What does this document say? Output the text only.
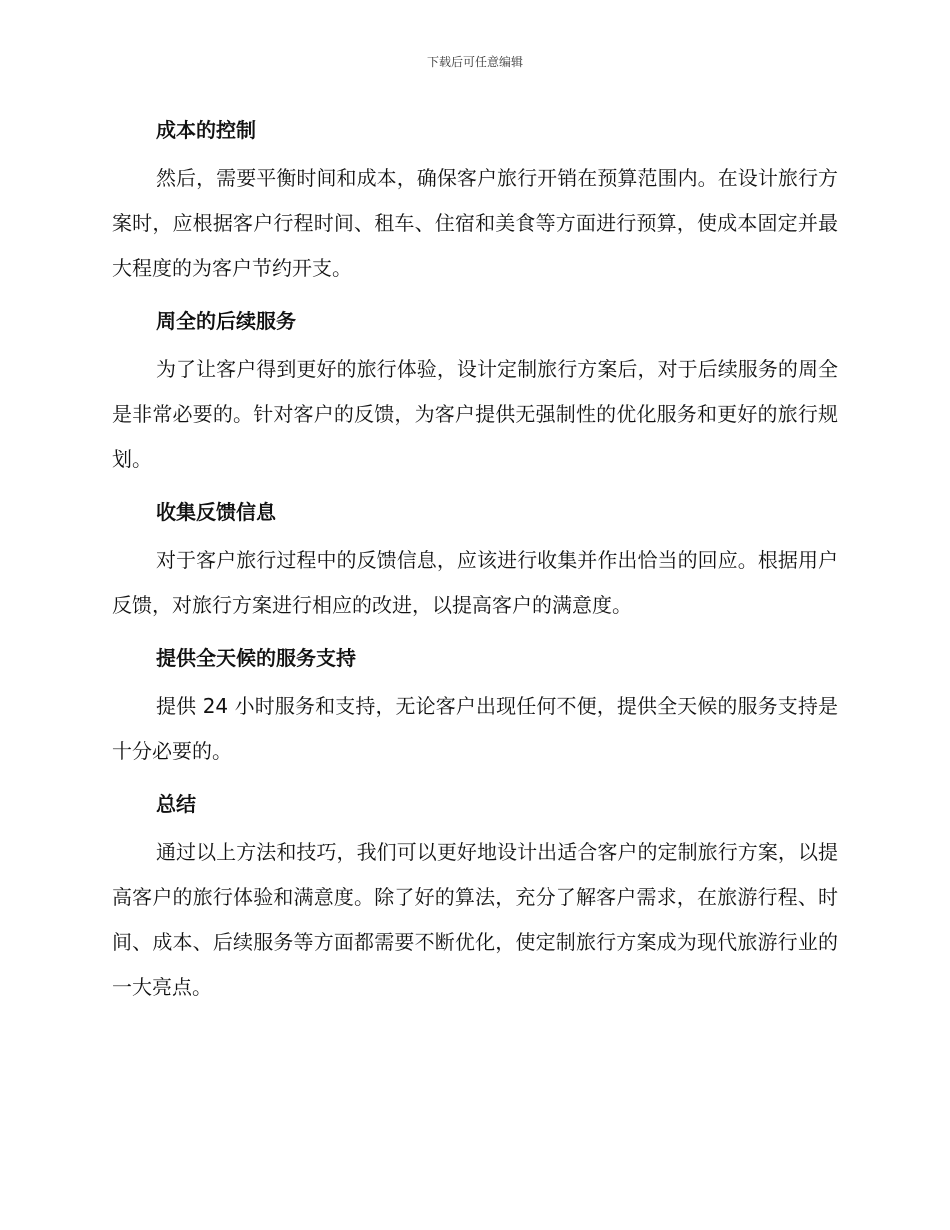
下载后可任意编辑
成本的控制
然后，需要平衡时间和成本，确保客户旅行开销在预算范围内。在设计旅行方案时，应根据客户行程时间、租车、住宿和美食等方面进行预算，使成本固定并最大程度的为客户节约开支。
周全的后续服务
为了让客户得到更好的旅行体验，设计定制旅行方案后，对于后续服务的周全是非常必要的。针对客户的反馈，为客户提供无强制性的优化服务和更好的旅行规划。
收集反馈信息
对于客户旅行过程中的反馈信息，应该进行收集并作出恰当的回应。根据用户反馈，对旅行方案进行相应的改进，以提高客户的满意度。
提供全天候的服务支持
提供 24 小时服务和支持，无论客户出现任何不便，提供全天候的服务支持是十分必要的。
总结
通过以上方法和技巧，我们可以更好地设计出适合客户的定制旅行方案，以提高客户的旅行体验和满意度。除了好的算法，充分了解客户需求，在旅游行程、时间、成本、后续服务等方面都需要不断优化，使定制旅行方案成为现代旅游行业的一大亮点。
